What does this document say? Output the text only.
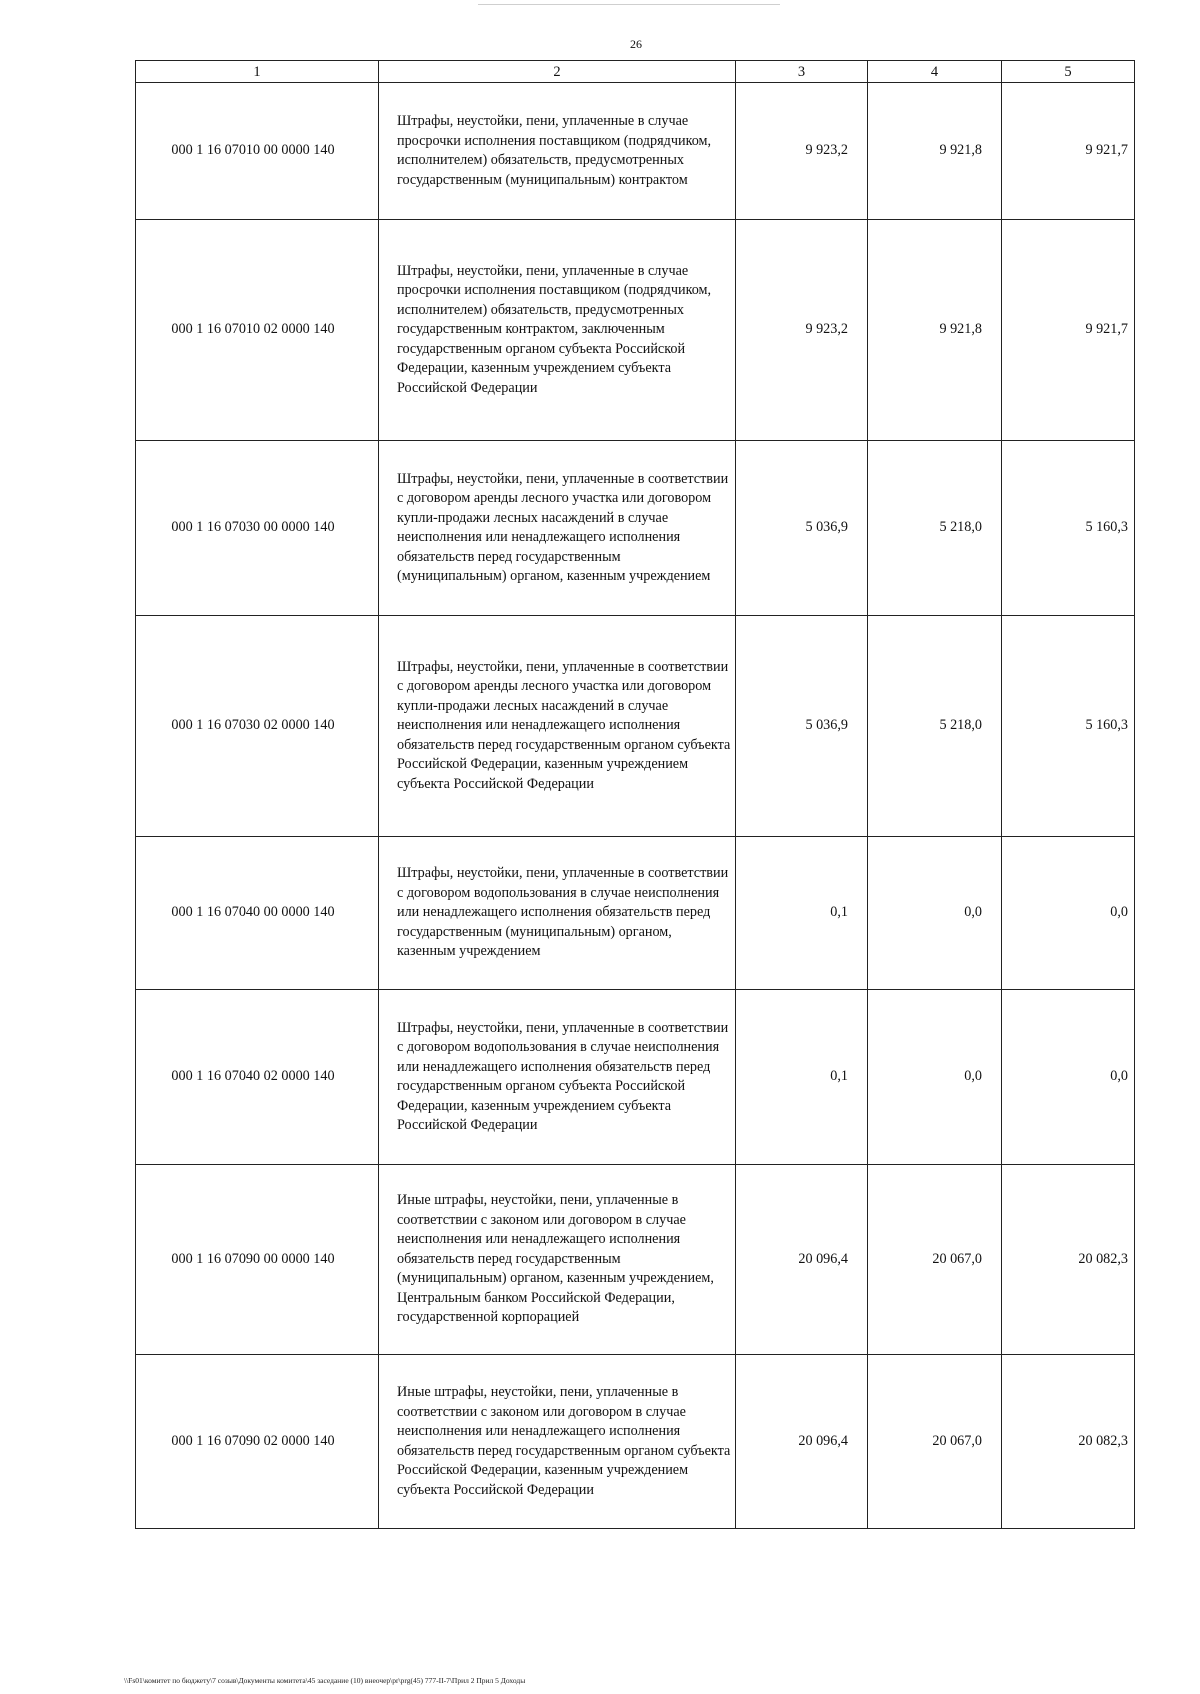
26
1	2	3	4	5
000 1 16 07010 00 0000 140	Штрафы, неустойки, пени, уплаченные в случае просрочки исполнения поставщиком (подрядчиком, исполнителем) обязательств, предусмотренных государственным (муниципальным) контрактом	9 923,2	9 921,8	9 921,7
000 1 16 07010 02 0000 140	Штрафы, неустойки, пени, уплаченные в случае просрочки исполнения поставщиком (подрядчиком, исполнителем) обязательств, предусмотренных государственным контрактом, заключенным государственным органом субъекта Российской Федерации, казенным учреждением субъекта Российской Федерации	9 923,2	9 921,8	9 921,7
000 1 16 07030 00 0000 140	Штрафы, неустойки, пени, уплаченные в соответствии с договором аренды лесного участка или договором купли-продажи лесных насаждений в случае неисполнения или ненадлежащего исполнения обязательств перед государственным (муниципальным) органом, казенным учреждением	5 036,9	5 218,0	5 160,3
000 1 16 07030 02 0000 140	Штрафы, неустойки, пени, уплаченные в соответствии с договором аренды лесного участка или договором купли-продажи лесных насаждений в случае неисполнения или ненадлежащего исполнения обязательств перед государственным органом субъекта Российской Федерации, казенным учреждением субъекта Российской Федерации	5 036,9	5 218,0	5 160,3
000 1 16 07040 00 0000 140	Штрафы, неустойки, пени, уплаченные в соответствии с договором водопользования в случае неисполнения или ненадлежащего исполнения обязательств перед государственным (муниципальным) органом, казенным учреждением	0,1	0,0	0,0
000 1 16 07040 02 0000 140	Штрафы, неустойки, пени, уплаченные в соответствии с договором водопользования в случае неисполнения или ненадлежащего исполнения обязательств перед государственным органом субъекта Российской Федерации, казенным учреждением субъекта Российской Федерации	0,1	0,0	0,0
000 1 16 07090 00 0000 140	Иные штрафы, неустойки, пени, уплаченные в соответствии с законом или договором в случае неисполнения или ненадлежащего исполнения обязательств перед государственным (муниципальным) органом, казенным учреждением, Центральным банком Российской Федерации, государственной корпорацией	20 096,4	20 067,0	20 082,3
000 1 16 07090 02 0000 140	Иные штрафы, неустойки, пени, уплаченные в соответствии с законом или договором в случае неисполнения или ненадлежащего исполнения обязательств перед государственным органом субъекта Российской Федерации, казенным учреждением субъекта Российской Федерации	20 096,4	20 067,0	20 082,3
\\Fs01\комитет по бюджету\7 созыв\Документы комитета\45 заседание (10) внеочер\pr\prg(45) 777-II-7\Прил 2 Прил 5 Доходы
